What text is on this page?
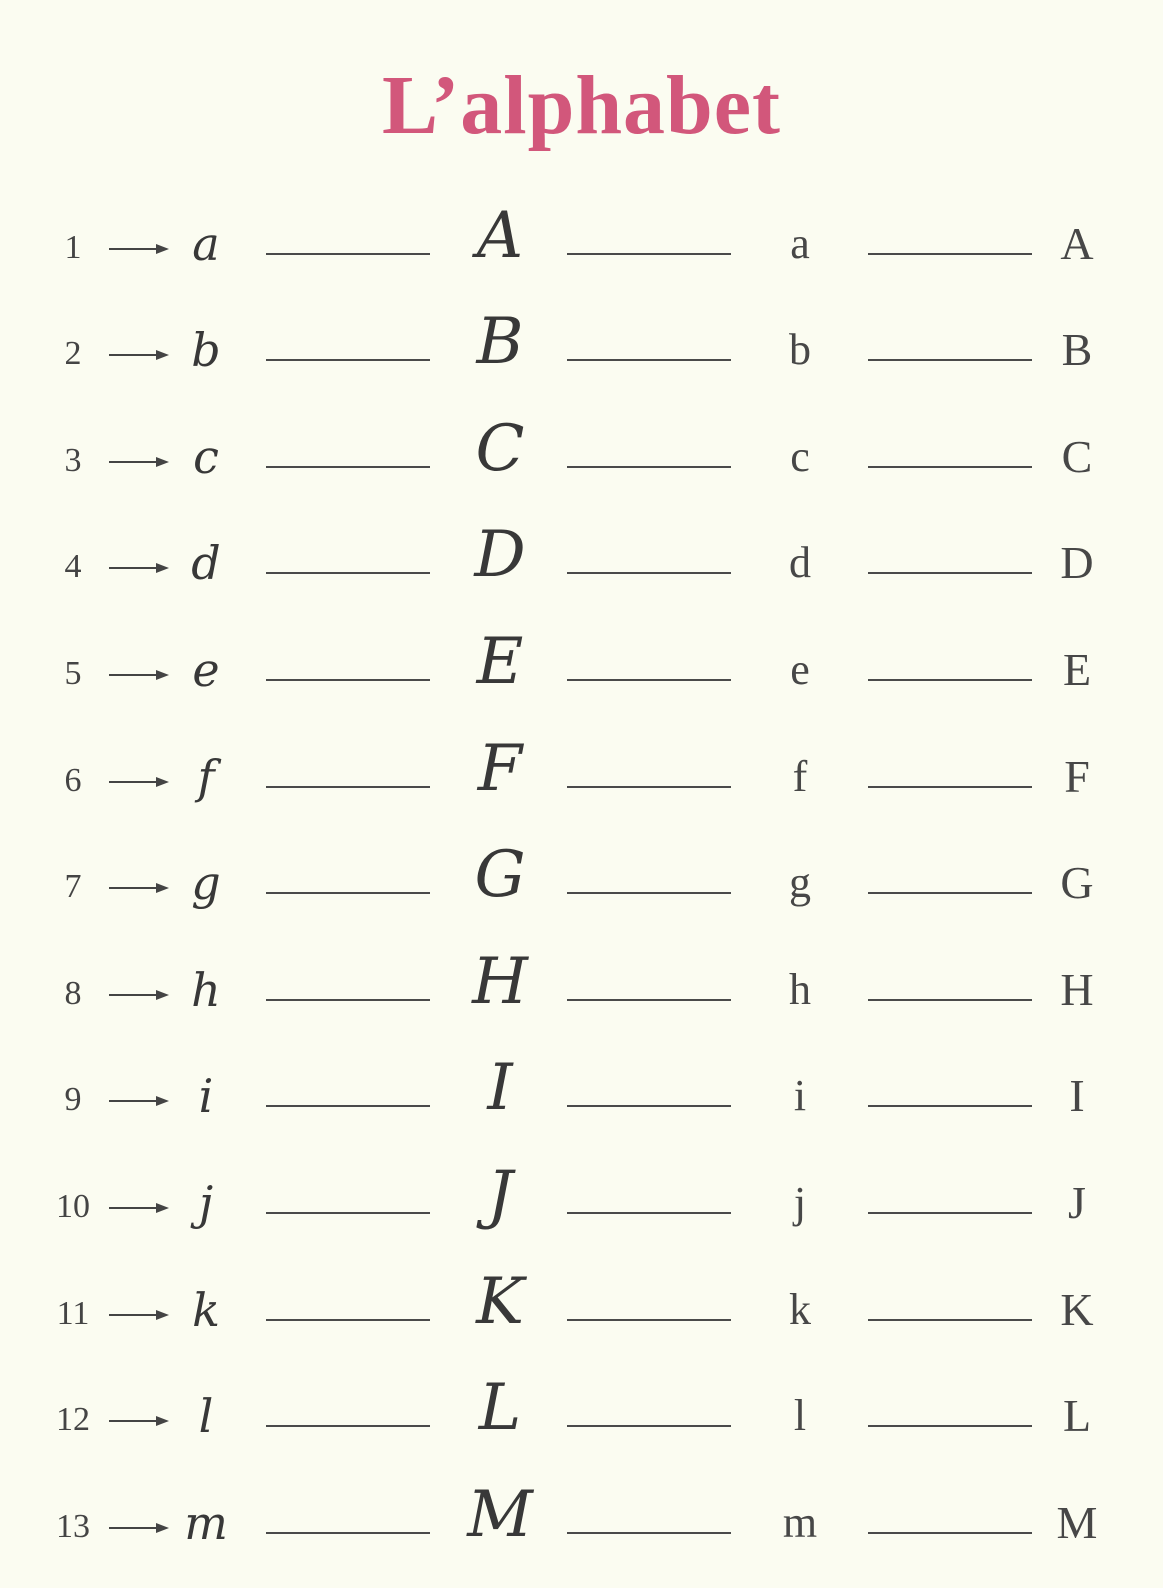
L’alphabet
1	a	A	a	A
2 b	B	b	B
3	c	C	c	C
4 d	D	d	D
5	e	E	e	E
6	f	F	f	F
7 g	G	g	G
8 h	H	h	H
9	i	I	i	I
10	j	J	j	J
11	k	K	k	K
12	l	L	l	L
13 m	M	m	M
